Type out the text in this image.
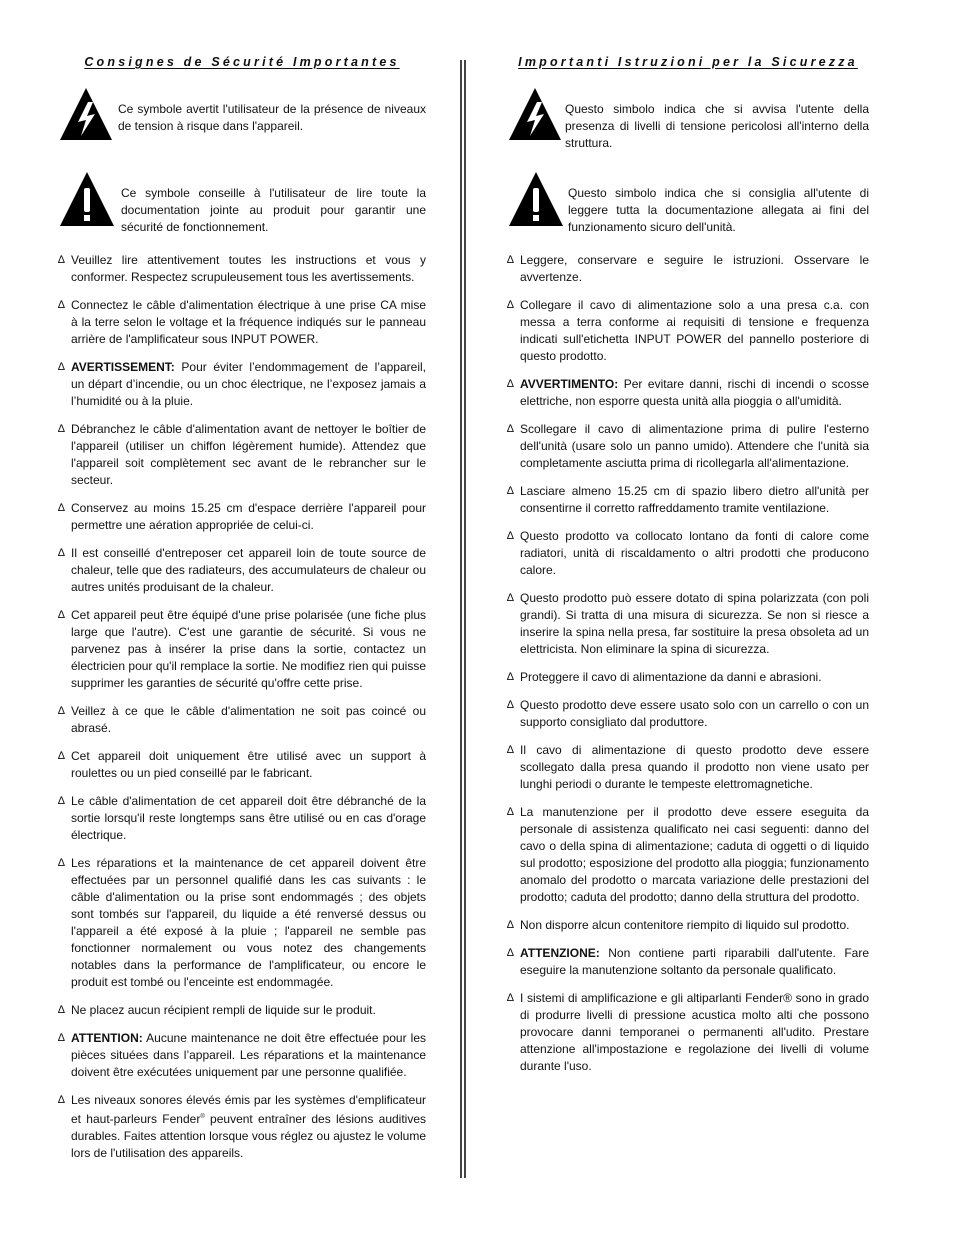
Consignes de Sécurité Importantes
Ce symbole avertit l'utilisateur de la présence de niveaux de tension à risque dans l'appareil.
Ce symbole conseille à l'utilisateur de lire toute la documentation jointe au produit pour garantir une sécurité de fonctionnement.
∆ Veuillez lire attentivement toutes les instructions et vous y conformer. Respectez scrupuleusement tous les avertissements.
∆ Connectez le câble d'alimentation électrique à une prise CA mise à la terre selon le voltage et la fréquence indiqués sur le panneau arrière de l'amplificateur sous INPUT POWER.
∆ AVERTISSEMENT: Pour éviter l’endommagement de l’appareil, un départ d’incendie, ou un choc électrique, ne l’exposez jamais a l’humidité ou à la pluie.
∆ Débranchez le câble d'alimentation avant de nettoyer le boîtier de l'appareil (utiliser un chiffon légèrement humide). Attendez que l'appareil soit complètement sec avant de le rebrancher sur le secteur.
∆ Conservez au moins 15.25 cm d'espace derrière l'appareil pour permettre une aération appropriée de celui-ci.
∆ Il est conseillé d'entreposer cet appareil loin de toute source de chaleur, telle que des radiateurs, des accumulateurs de chaleur ou autres unités produisant de la chaleur.
∆ Cet appareil peut être équipé d'une prise polarisée (une fiche plus large que l'autre). C'est une garantie de sécurité. Si vous ne parvenez pas à insérer la prise dans la sortie, contactez un électricien pour qu'il remplace la sortie. Ne modifiez rien qui puisse supprimer les garanties de sécurité qu'offre cette prise.
∆ Veillez à ce que le câble d'alimentation ne soit pas coincé ou abrasé.
∆ Cet appareil doit uniquement être utilisé avec un support à roulettes ou un pied conseillé par le fabricant.
∆ Le câble d'alimentation de cet appareil doit être débranché de la sortie lorsqu'il reste longtemps sans être utilisé ou en cas d'orage électrique.
∆ Les réparations et la maintenance de cet appareil doivent être effectuées par un personnel qualifié dans les cas suivants : le câble d'alimentation ou la prise sont endommagés ; des objets sont tombés sur l'appareil, du liquide a été renversé dessus ou l'appareil a été exposé à la pluie ; l'appareil ne semble pas fonctionner normalement ou vous notez des changements notables dans la performance de l'amplificateur, ou encore le produit est tombé ou l'enceinte est endommagée.
∆ Ne placez aucun récipient rempli de liquide sur le produit.
∆ ATTENTION: Aucune maintenance ne doit être effectuée pour les pièces situées dans l’appareil. Les réparations et la maintenance doivent être exécutées uniquement par une personne qualifiée.
∆ Les niveaux sonores élevés émis par les systèmes d'emplificateur et haut-parleurs Fender® peuvent entraîner des lésions auditives durables. Faites attention lorsque vous réglez ou ajustez le volume lors de l'utilisation des appareils.
Importanti Istruzioni per la Sicurezza
Questo simbolo indica che si avvisa l'utente della presenza di livelli di tensione pericolosi all'interno della struttura.
Questo simbolo indica che si consiglia all'utente di leggere tutta la documentazione allegata ai fini del funzionamento sicuro dell'unità.
∆ Leggere, conservare e seguire le istruzioni. Osservare le avvertenze.
∆ Collegare il cavo di alimentazione solo a una presa c.a. con messa a terra conforme ai requisiti di tensione e frequenza indicati sull'etichetta INPUT POWER del pannello posteriore di questo prodotto.
∆ AVVERTIMENTO: Per evitare danni, rischi di incendi o scosse elettriche, non esporre questa unità alla pioggia o all'umidità.
∆ Scollegare il cavo di alimentazione prima di pulire l'esterno dell'unità (usare solo un panno umido). Attendere che l'unità sia completamente asciutta prima di ricollegarla all'alimentazione.
∆ Lasciare almeno 15.25 cm di spazio libero dietro all'unità per consentirne il corretto raffreddamento tramite ventilazione.
∆ Questo prodotto va collocato lontano da fonti di calore come radiatori, unità di riscaldamento o altri prodotti che producono calore.
∆ Questo prodotto può essere dotato di spina polarizzata (con poli grandi). Si tratta di una misura di sicurezza. Se non si riesce a inserire la spina nella presa, far sostituire la presa obsoleta ad un elettricista. Non eliminare la spina di sicurezza.
∆ Proteggere il cavo di alimentazione da danni e abrasioni.
∆ Questo prodotto deve essere usato solo con un carrello o con un supporto consigliato dal produttore.
∆ Il cavo di alimentazione di questo prodotto deve essere scollegato dalla presa quando il prodotto non viene usato per lunghi periodi o durante le tempeste elettromagnetiche.
∆ La manutenzione per il prodotto deve essere eseguita da personale di assistenza qualificato nei casi seguenti: danno del cavo o della spina di alimentazione; caduta di oggetti o di liquido sul prodotto; esposizione del prodotto alla pioggia; funzionamento anomalo del prodotto o marcata variazione delle prestazioni del prodotto; caduta del prodotto; danno della struttura del prodotto.
∆ Non disporre alcun contenitore riempito di liquido sul prodotto.
∆ ATTENZIONE: Non contiene parti riparabili dall'utente. Fare eseguire la manutenzione soltanto da personale qualificato.
∆ I sistemi di amplificazione e gli altiparlanti Fender® sono in grado di produrre livelli di pressione acustica molto alti che possono provocare danni temporanei o permanenti all'udito. Prestare attenzione all'impostazione e regolazione dei livelli di volume durante l'uso.
